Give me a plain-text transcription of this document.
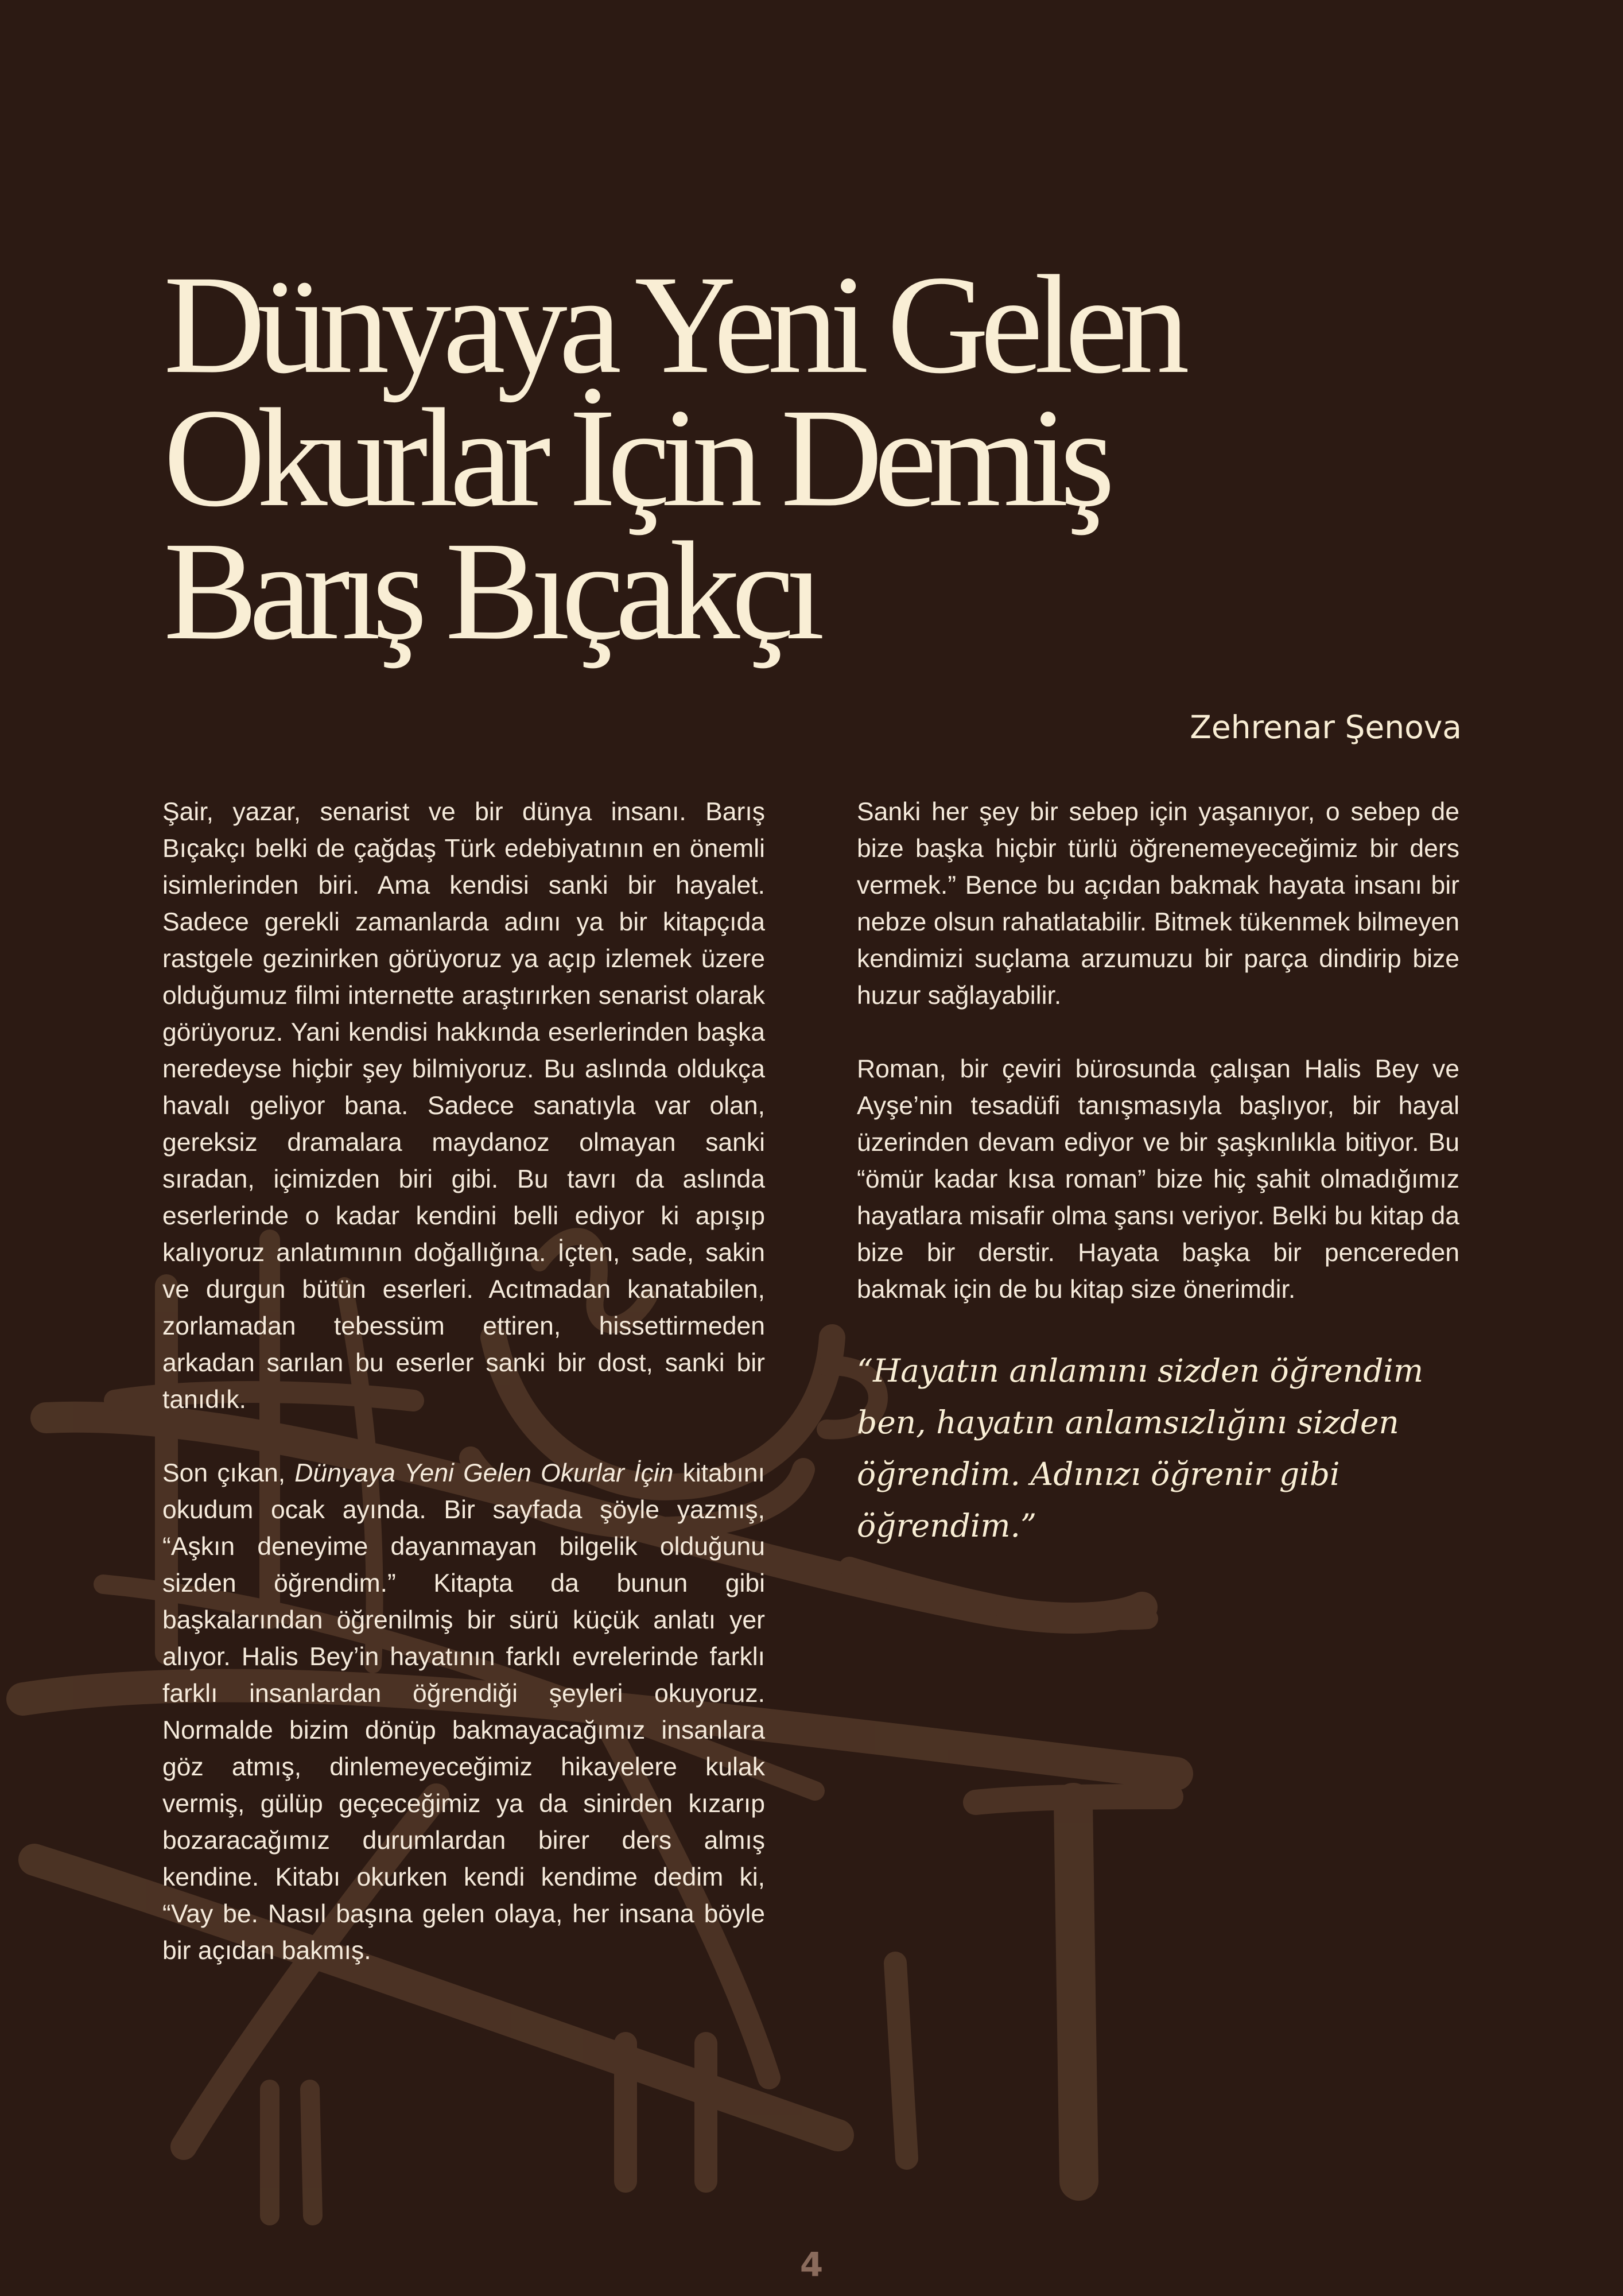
Dünyaya Yeni Gelen
Okurlar İçin Demiş
Barış Bıçakçı
Zehrenar Şenova

Şair, yazar, senarist ve bir dünya insanı. Barış Bıçakçı belki de çağdaş Türk edebiyatının en önemli isimlerinden biri. Ama kendisi sanki bir hayalet. Sadece gerekli zamanlarda adını ya bir kitapçıda rastgele gezinirken görüyoruz ya açıp izlemek üzere olduğumuz filmi internette araştırırken senarist olarak görüyoruz. Yani kendisi hakkında eserlerinden başka neredeyse hiçbir şey bilmiyoruz. Bu aslında oldukça havalı geliyor bana. Sadece sanatıyla var olan, gereksiz dramalara maydanoz olmayan sanki sıradan, içimizden biri gibi. Bu tavrı da aslında eserlerinde o kadar kendini belli ediyor ki apışıp kalıyoruz anlatımının doğallığına. İçten, sade, sakin ve durgun bütün eserleri. Acıtmadan kanatabilen, zorlamadan tebessüm ettiren, hissettirmeden arkadan sarılan bu eserler sanki bir dost, sanki bir tanıdık.

Son çıkan, Dünyaya Yeni Gelen Okurlar İçin kitabını okudum ocak ayında. Bir sayfada şöyle yazmış, “Aşkın deneyime dayanmayan bilgelik olduğunu sizden öğrendim.” Kitapta da bunun gibi başkalarından öğrenilmiş bir sürü küçük anlatı yer alıyor. Halis Bey’in hayatının farklı evrelerinde farklı farklı insanlardan öğrendiği şeyleri okuyoruz. Normalde bizim dönüp bakmayacağımız insanlara göz atmış, dinlemeyeceğimiz hikayelere kulak vermiş, gülüp geçeceğimiz ya da sinirden kızarıp bozaracağımız durumlardan birer ders almış kendine. Kitabı okurken kendi kendime dedim ki, “Vay be. Nasıl başına gelen olaya, her insana böyle bir açıdan bakmış.

Sanki her şey bir sebep için yaşanıyor, o sebep de bize başka hiçbir türlü öğrenemeyeceğimiz bir ders vermek.” Bence bu açıdan bakmak hayata insanı bir nebze olsun rahatlatabilir. Bitmek tükenmek bilmeyen kendimizi suçlama arzumuzu bir parça dindirip bize huzur sağlayabilir.

Roman, bir çeviri bürosunda çalışan Halis Bey ve Ayşe’nin tesadüfi tanışmasıyla başlıyor, bir hayal üzerinden devam ediyor ve bir şaşkınlıkla bitiyor. Bu “ömür kadar kısa roman” bize hiç şahit olmadığımız hayatlara misafir olma şansı veriyor. Belki bu kitap da bize bir derstir. Hayata başka bir pencereden bakmak için de bu kitap size önerimdir.

“Hayatın anlamını sizden öğrendim ben, hayatın anlamsızlığını sizden öğrendim. Adınızı öğrenir gibi öğrendim.”

4
